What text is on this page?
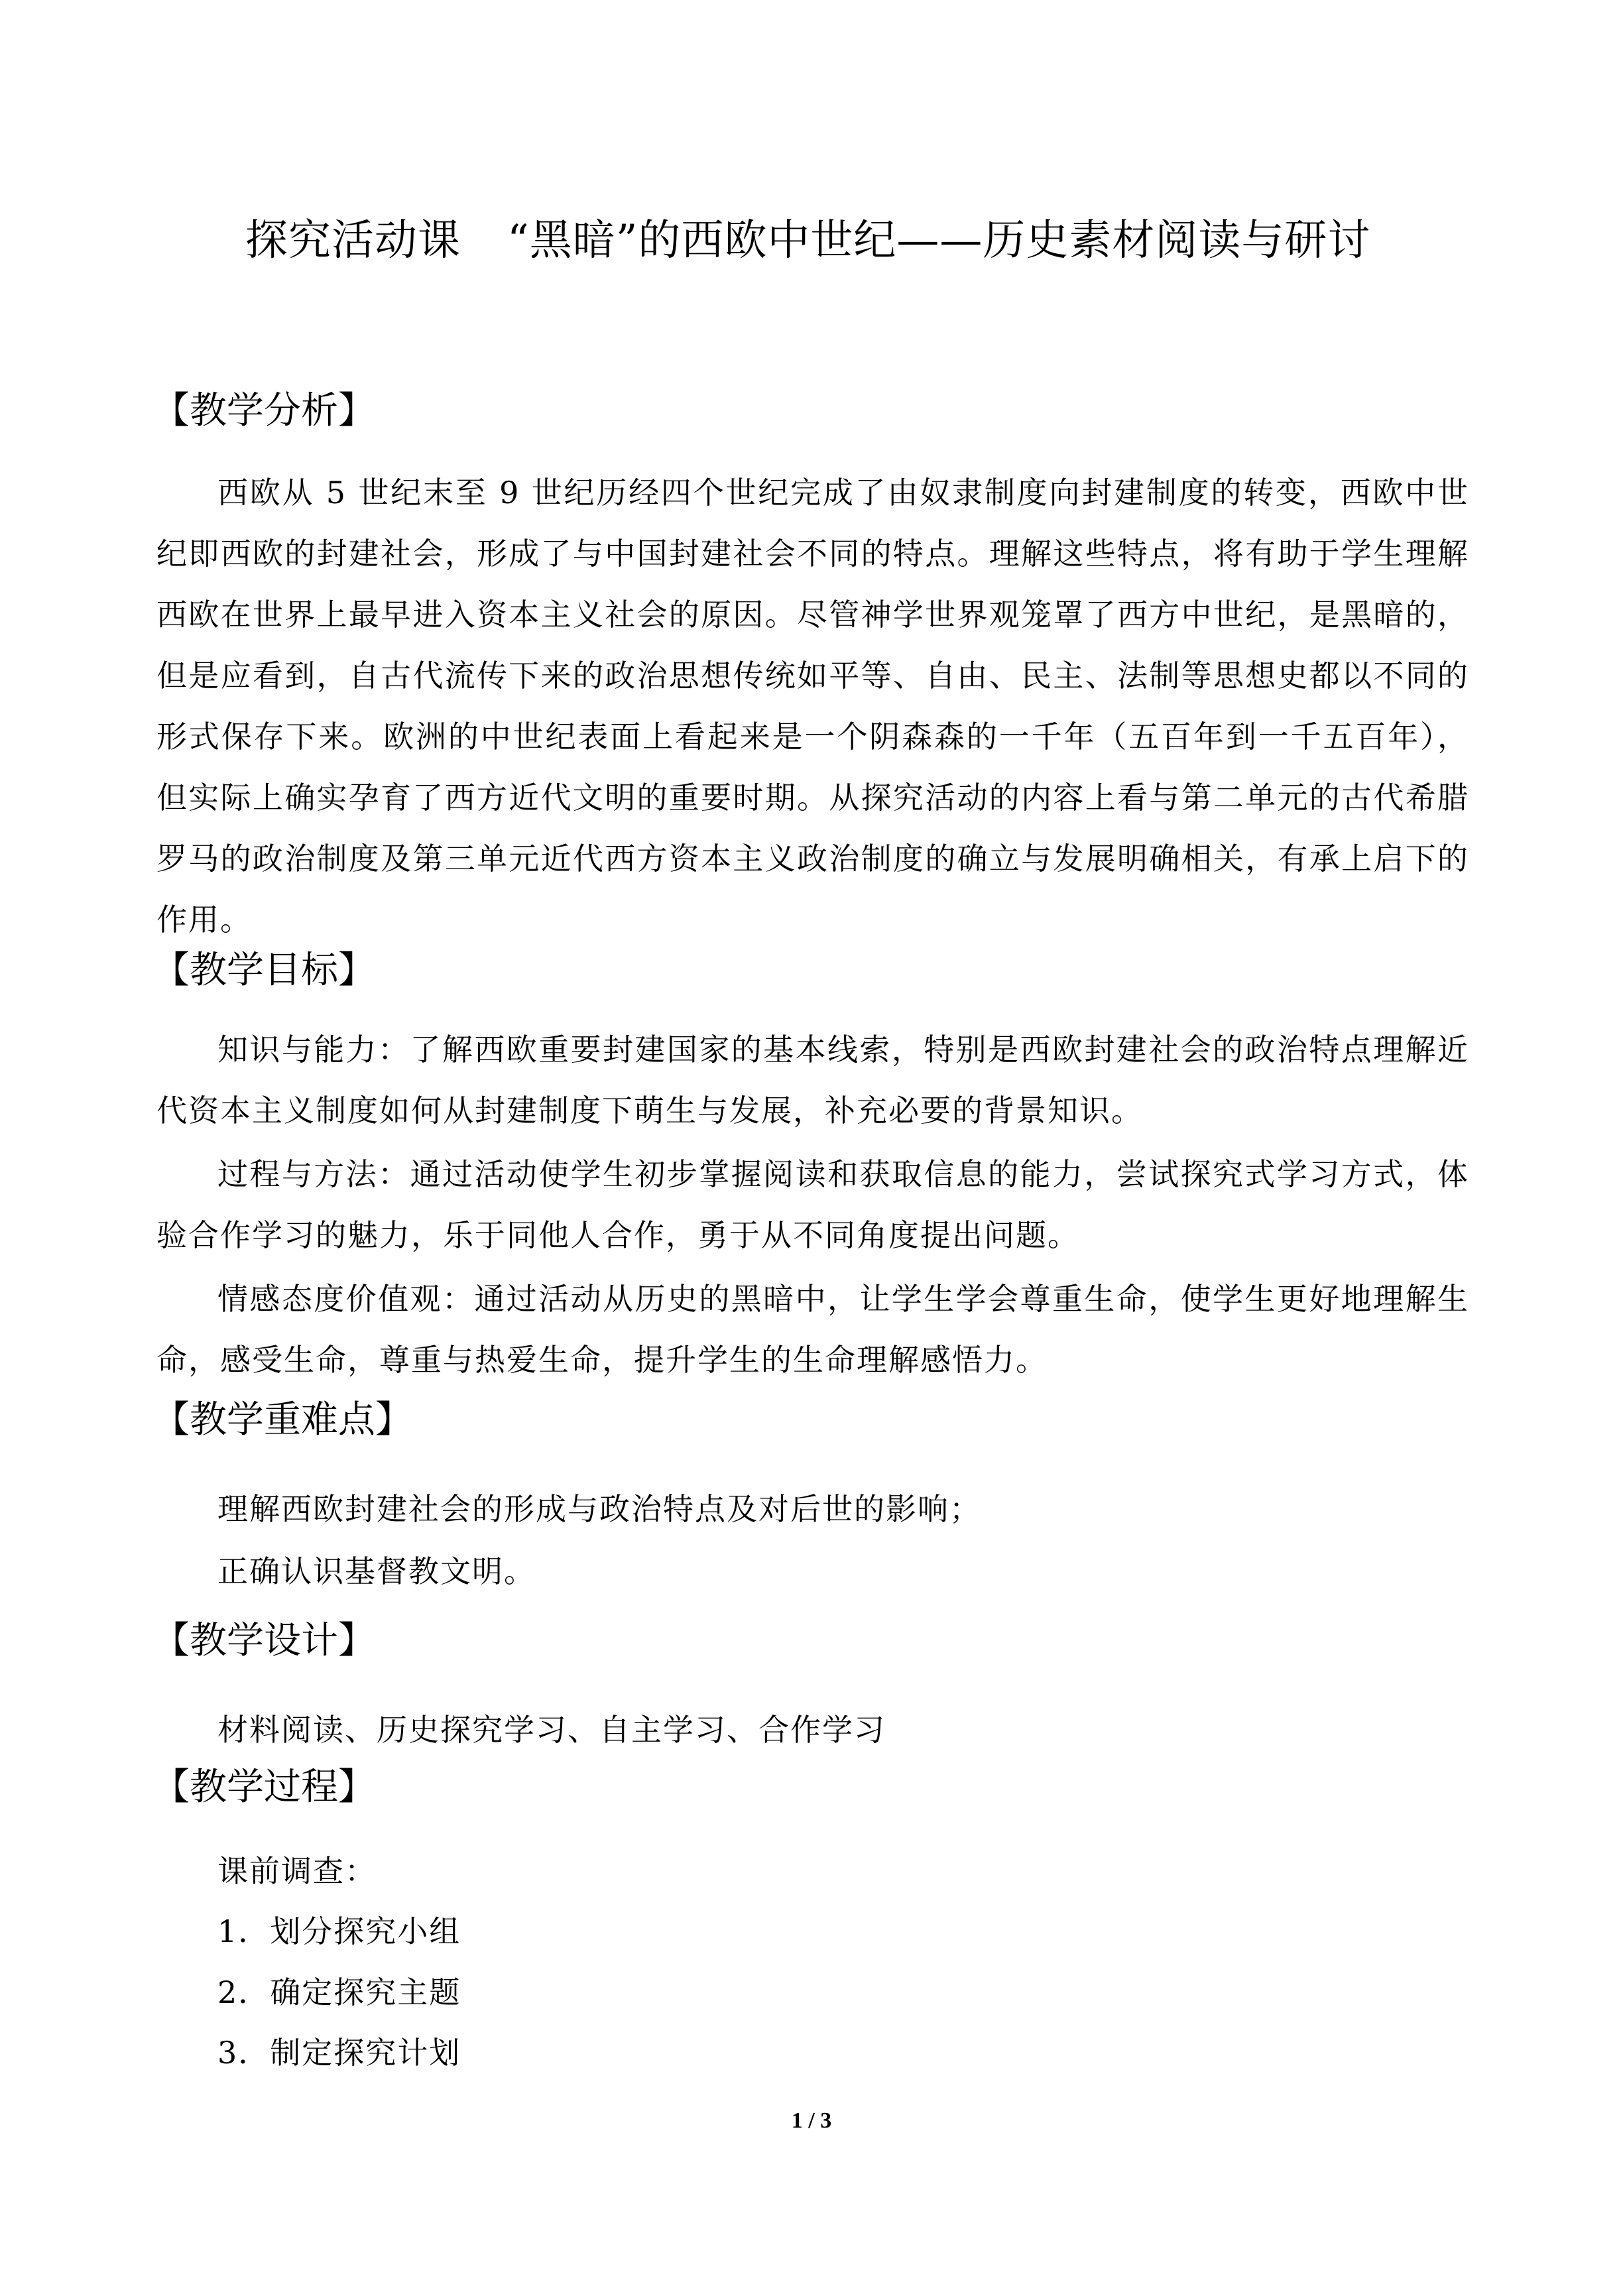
探究活动课 “黑暗”的西欧中世纪——历史素材阅读与研讨
【教学分析】
西欧从 5 世纪末至 9 世纪历经四个世纪完成了由奴隶制度向封建制度的转变，西欧中世纪即西欧的封建社会，形成了与中国封建社会不同的特点。理解这些特点，将有助于学生理解西欧在世界上最早进入资本主义社会的原因。尽管神学世界观笼罩了西方中世纪，是黑暗的，但是应看到，自古代流传下来的政治思想传统如平等、自由、民主、法制等思想史都以不同的形式保存下来。欧洲的中世纪表面上看起来是一个阴森森的一千年（五百年到一千五百年），但实际上确实孕育了西方近代文明的重要时期。从探究活动的内容上看与第二单元的古代希腊罗马的政治制度及第三单元近代西方资本主义政治制度的确立与发展明确相关，有承上启下的作用。
【教学目标】
知识与能力：了解西欧重要封建国家的基本线索，特别是西欧封建社会的政治特点理解近代资本主义制度如何从封建制度下萌生与发展，补充必要的背景知识。
过程与方法：通过活动使学生初步掌握阅读和获取信息的能力，尝试探究式学习方式，体验合作学习的魅力，乐于同他人合作，勇于从不同角度提出问题。
情感态度价值观：通过活动从历史的黑暗中，让学生学会尊重生命，使学生更好地理解生命，感受生命，尊重与热爱生命，提升学生的生命理解感悟力。
【教学重难点】
理解西欧封建社会的形成与政治特点及对后世的影响；
正确认识基督教文明。
【教学设计】
材料阅读、历史探究学习、自主学习、合作学习
【教学过程】
课前调查：
1．划分探究小组
2．确定探究主题
3．制定探究计划
1 / 3
